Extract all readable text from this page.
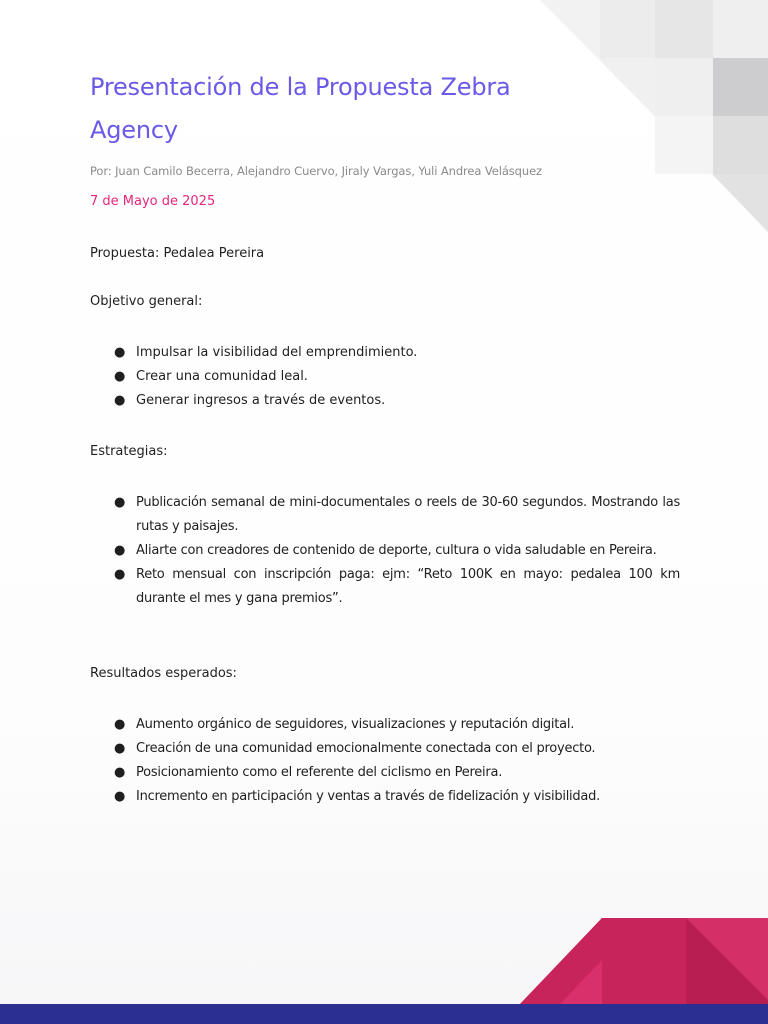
Presentación de la Propuesta Zebra
Agency

Por: Juan Camilo Becerra, Alejandro Cuervo, Jiraly Vargas, Yuli Andrea Velásquez

7 de Mayo de 2025

Propuesta: Pedalea Pereira

Objetivo general:

● Impulsar la visibilidad del emprendimiento.
● Crear una comunidad leal.
● Generar ingresos a través de eventos.

Estrategias:

● Publicación semanal de mini-documentales o reels de 30-60 segundos. Mostrando las rutas y paisajes.
● Aliarte con creadores de contenido de deporte, cultura o vida saludable en Pereira.
● Reto mensual con inscripción paga: ejm: “Reto 100K en mayo: pedalea 100 km durante el mes y gana premios”.

Resultados esperados:

● Aumento orgánico de seguidores, visualizaciones y reputación digital.
● Creación de una comunidad emocionalmente conectada con el proyecto.
● Posicionamiento como el referente del ciclismo en Pereira.
● Incremento en participación y ventas a través de fidelización y visibilidad.
